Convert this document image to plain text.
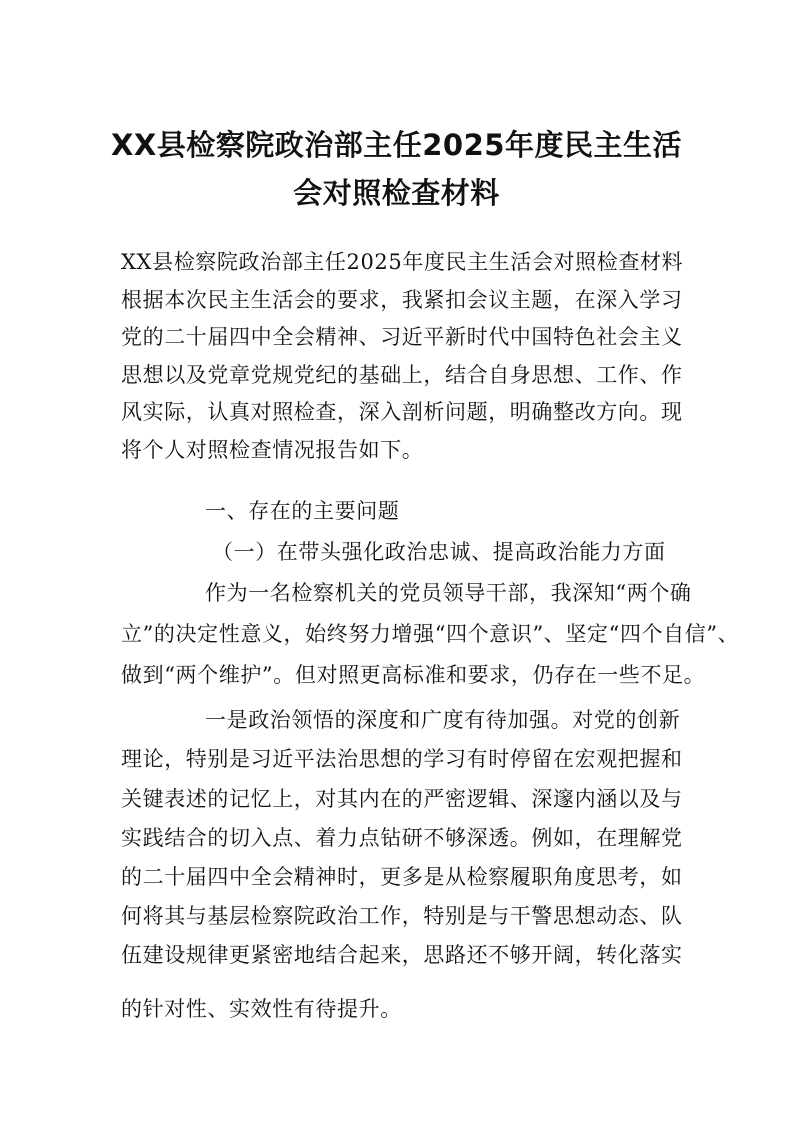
XX县检察院政治部主任2025年度民主生活
会对照检查材料
XX县检察院政治部主任2025年度民主生活会对照检查材料
根据本次民主生活会的要求，我紧扣会议主题，在深入学习
党的二十届四中全会精神、习近平新时代中国特色社会主义
思想以及党章党规党纪的基础上，结合自身思想、工作、作
风实际，认真对照检查，深入剖析问题，明确整改方向。现
将个人对照检查情况报告如下。
一、存在的主要问题
（一）在带头强化政治忠诚、提高政治能力方面
作为一名检察机关的党员领导干部，我深知“两个确
立”的决定性意义，始终努力增强“四个意识”、坚定“四个自信”、
做到“两个维护”。但对照更高标准和要求，仍存在一些不足。
一是政治领悟的深度和广度有待加强。对党的创新
理论，特别是习近平法治思想的学习有时停留在宏观把握和
关键表述的记忆上，对其内在的严密逻辑、深邃内涵以及与
实践结合的切入点、着力点钻研不够深透。例如，在理解党
的二十届四中全会精神时，更多是从检察履职角度思考，如
何将其与基层检察院政治工作，特别是与干警思想动态、队
伍建设规律更紧密地结合起来，思路还不够开阔，转化落实
的针对性、实效性有待提升。
